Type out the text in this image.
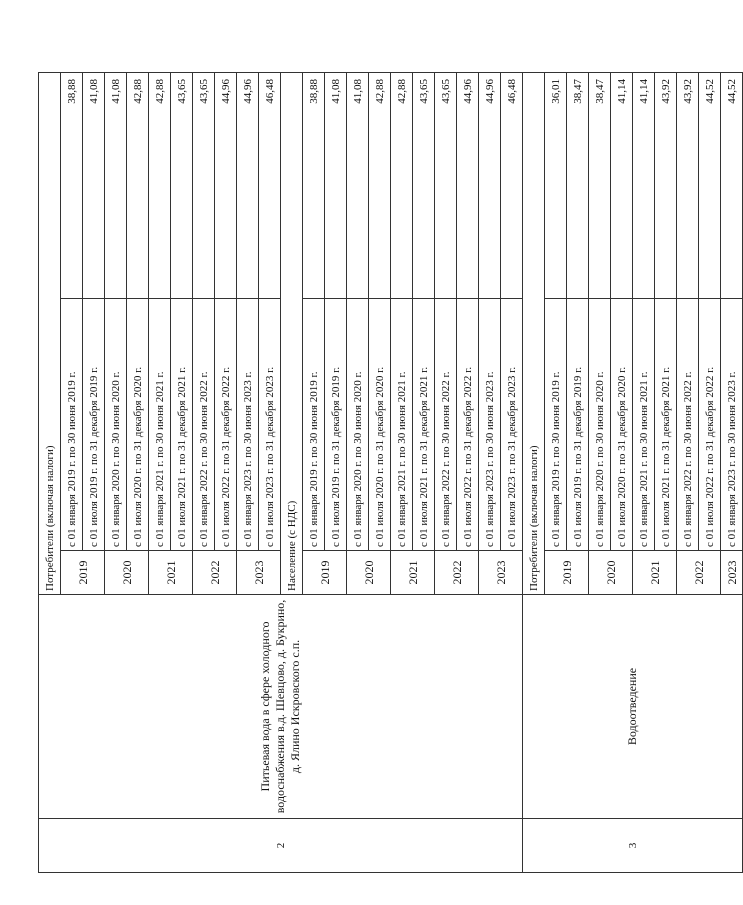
2	Питьевая вода в сфере холодного водоснабжения в.д. Шевцово, д. Букрино, д. Ялино Искровского с.п.	Потребители (включая налоги)		
		2019	с 01 января 2019 г. по 30 июня 2019 г.	38,88
			с 01 июля 2019 г. по 31 декабря 2019 г.	41,08
		2020	с 01 января 2020 г. по 30 июня 2020 г.	41,08
			с 01 июля 2020 г. по 31 декабря 2020 г.	42,88
		2021	с 01 января 2021 г. по 30 июня 2021 г.	42,88
			с 01 июля 2021 г. по 31 декабря 2021 г.	43,65
		2022	с 01 января 2022 г. по 30 июня 2022 г.	43,65
			с 01 июля 2022 г. по 31 декабря 2022 г.	44,96
		2023	с 01 января 2023 г. по 30 июня 2023 г.	44,96
			с 01 июля 2023 г. по 31 декабря 2023 г.	46,48
		Население (с НДС)		
		2019	с 01 января 2019 г. по 30 июня 2019 г.	38,88
			с 01 июля 2019 г. по 31 декабря 2019 г.	41,08
		2020	с 01 января 2020 г. по 30 июня 2020 г.	41,08
			с 01 июля 2020 г. по 31 декабря 2020 г.	42,88
		2021	с 01 января 2021 г. по 30 июня 2021 г.	42,88
			с 01 июля 2021 г. по 31 декабря 2021 г.	43,65
		2022	с 01 января 2022 г. по 30 июня 2022 г.	43,65
			с 01 июля 2022 г. по 31 декабря 2022 г.	44,96
		2023	с 01 января 2023 г. по 30 июня 2023 г.	44,96
			с 01 июля 2023 г. по 31 декабря 2023 г.	46,48
3	Водоотведение	Потребители (включая налоги)		
		2019	с 01 января 2019 г. по 30 июня 2019 г.	36,01
			с 01 июля 2019 г. по 31 декабря 2019 г.	38,47
		2020	с 01 января 2020 г. по 30 июня 2020 г.	38,47
			с 01 июля 2020 г. по 31 декабря 2020 г.	41,14
		2021	с 01 января 2021 г. по 30 июня 2021 г.	41,14
			с 01 июля 2021 г. по 31 декабря 2021 г.	43,92
		2022	с 01 января 2022 г. по 30 июня 2022 г.	43,92
			с 01 июля 2022 г. по 31 декабря 2022 г.	44,52
		2023	с 01 января 2023 г. по 30 июня 2023 г.	44,52
